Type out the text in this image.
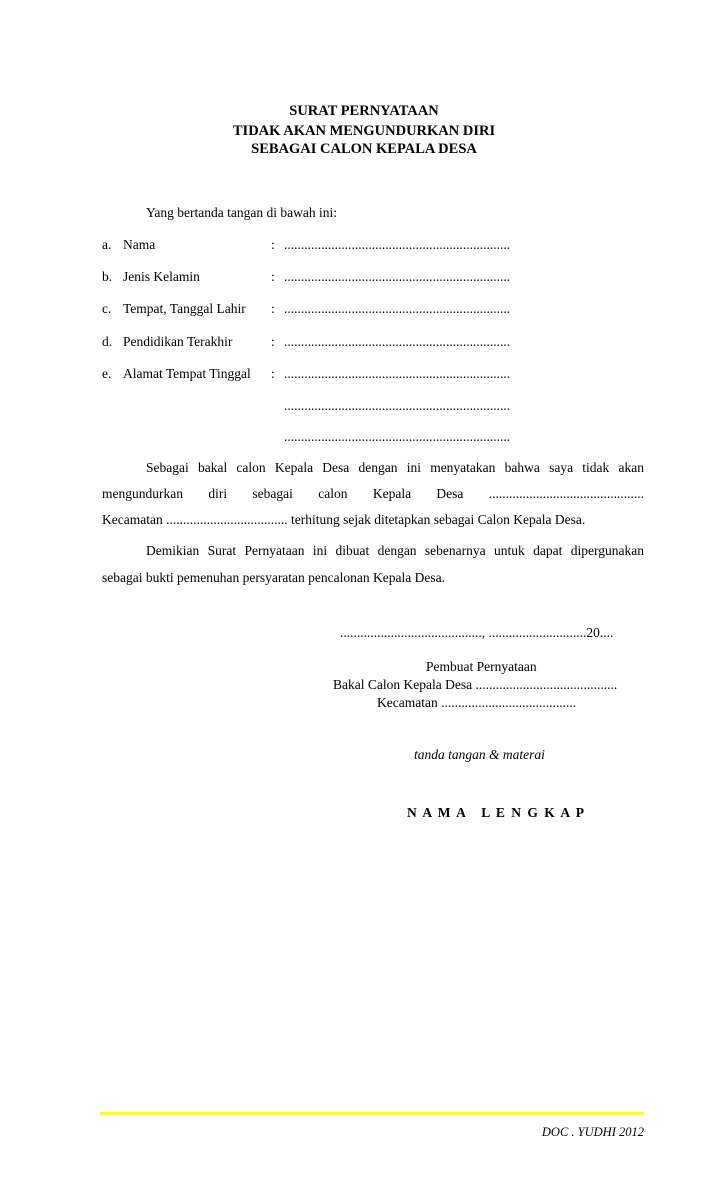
SURAT PERNYATAAN
TIDAK AKAN MENGUNDURKAN DIRI
SEBAGAI CALON KEPALA DESA
Yang bertanda tangan di bawah ini:
a. Nama	: ...................................................................
b. Jenis Kelamin	: ...................................................................
c. Tempat, Tanggal Lahir : ...................................................................
d. Pendidikan Terakhir	: ...................................................................
e. Alamat Tempat Tinggal : ...................................................................
...................................................................
...................................................................
Sebagai bakal calon Kepala Desa dengan ini menyatakan bahwa saya tidak akan
mengundurkan diri sebagai calon Kepala Desa ..............................................
Kecamatan .................................... terhitung sejak ditetapkan sebagai Calon Kepala Desa.
Demikian Surat Pernyataan ini dibuat dengan sebenarnya untuk dapat dipergunakan
sebagai bukti pemenuhan persyaratan pencalonan Kepala Desa.
.........................................., .............................20....
Pembuat Pernyataan
Bakal Calon Kepala Desa ..........................................
Kecamatan ........................................
tanda tangan & materai
N A M A   L E N G K A P
DOC . YUDHI 2012
